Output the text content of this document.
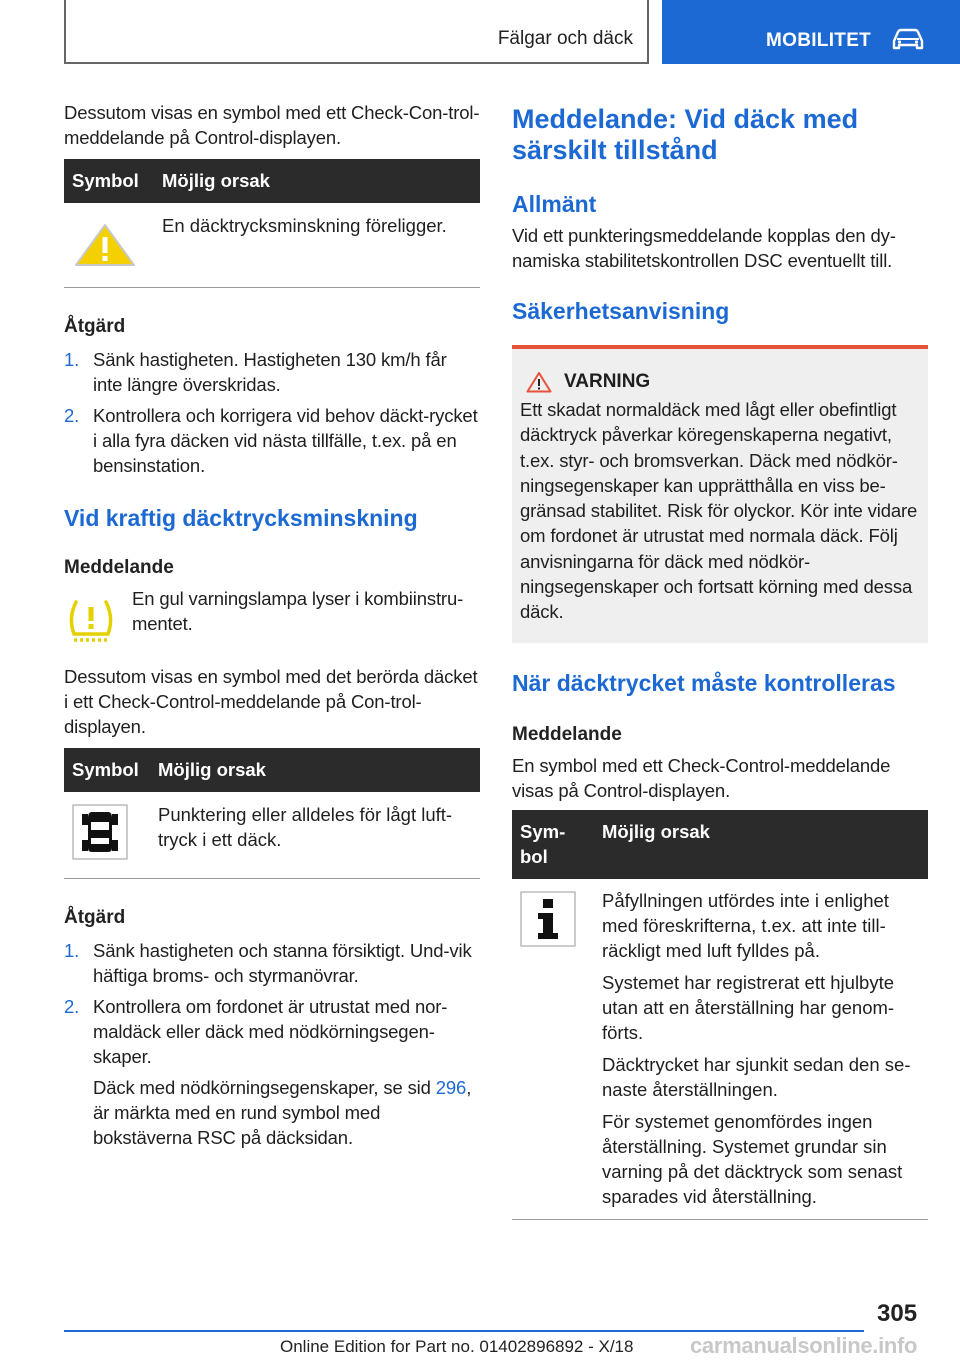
Fälgar och däck	MOBILITET

Dessutom visas en symbol med ett Check-Con-trol-meddelande på Control-displayen.

Symbol	Möjlig orsak
	En däcktrycksminskning föreligger.
Åtgärd
1. Sänk hastigheten. Hastigheten 130 km/h får inte längre överskridas.
2. Kontrollera och korrigera vid behov däckt-rycket i alla fyra däcken vid nästa tillfälle, t.ex. på en bensinstation.
Vid kraftig däcktrycksminskning
Meddelande

En gul varningslampa lyser i kombiinstru-mentet.

Dessutom visas en symbol med det berörda däcket i ett Check-Control-meddelande på Con-trol-displayen.

Symbol	Möjlig orsak
	Punktering eller alldeles för lågt luft-tryck i ett däck.
Åtgärd
1. Sänk hastigheten och stanna försiktigt. Und-vik häftiga broms- och styrmanövrar.
2. Kontrollera om fordonet är utrustat med nor-maldäck eller däck med nödkörningsegen-skaper.

Däck med nödkörningsegenskaper, se sid 296, är märkta med en rund symbol med bokstäverna RSC på däcksidan.

Meddelande: Vid däck med särskilt tillstånd
Allmänt

Vid ett punkteringsmeddelande kopplas den dy-namiska stabilitetskontrollen DSC eventuellt till.

Säkerhetsanvisning
VARNING

Ett skadat normaldäck med lågt eller obefintligt däcktryck påverkar köregenskaperna negativt, t.ex. styr- och bromsverkan. Däck med nödkör-ningsegenskaper kan upprätthålla en viss be-gränsad stabilitet. Risk för olyckor. Kör inte vidare om fordonet är utrustat med normala däck. Följ anvisningarna för däck med nödkör-ningsegenskaper och fortsatt körning med dessa däck.

När däcktrycket måste kontrolleras
Meddelande

En symbol med ett Check-Control-meddelande visas på Control-displayen.

Sym-bol	Möjlig orsak

Påfyllningen utfördes inte i enlighet med föreskrifterna, t.ex. att inte till-räckligt med luft fylldes på.

Systemet har registrerat ett hjulbyte utan att en återställning har genom-förts.

Däcktrycket har sjunkit sedan den se-naste återställningen.

För systemet genomfördes ingen återställning. Systemet grundar sin varning på det däcktryck som senast sparades vid återställning.

305
Online Edition for Part no. 01402896892 - X/18	carmanualsonline.info
